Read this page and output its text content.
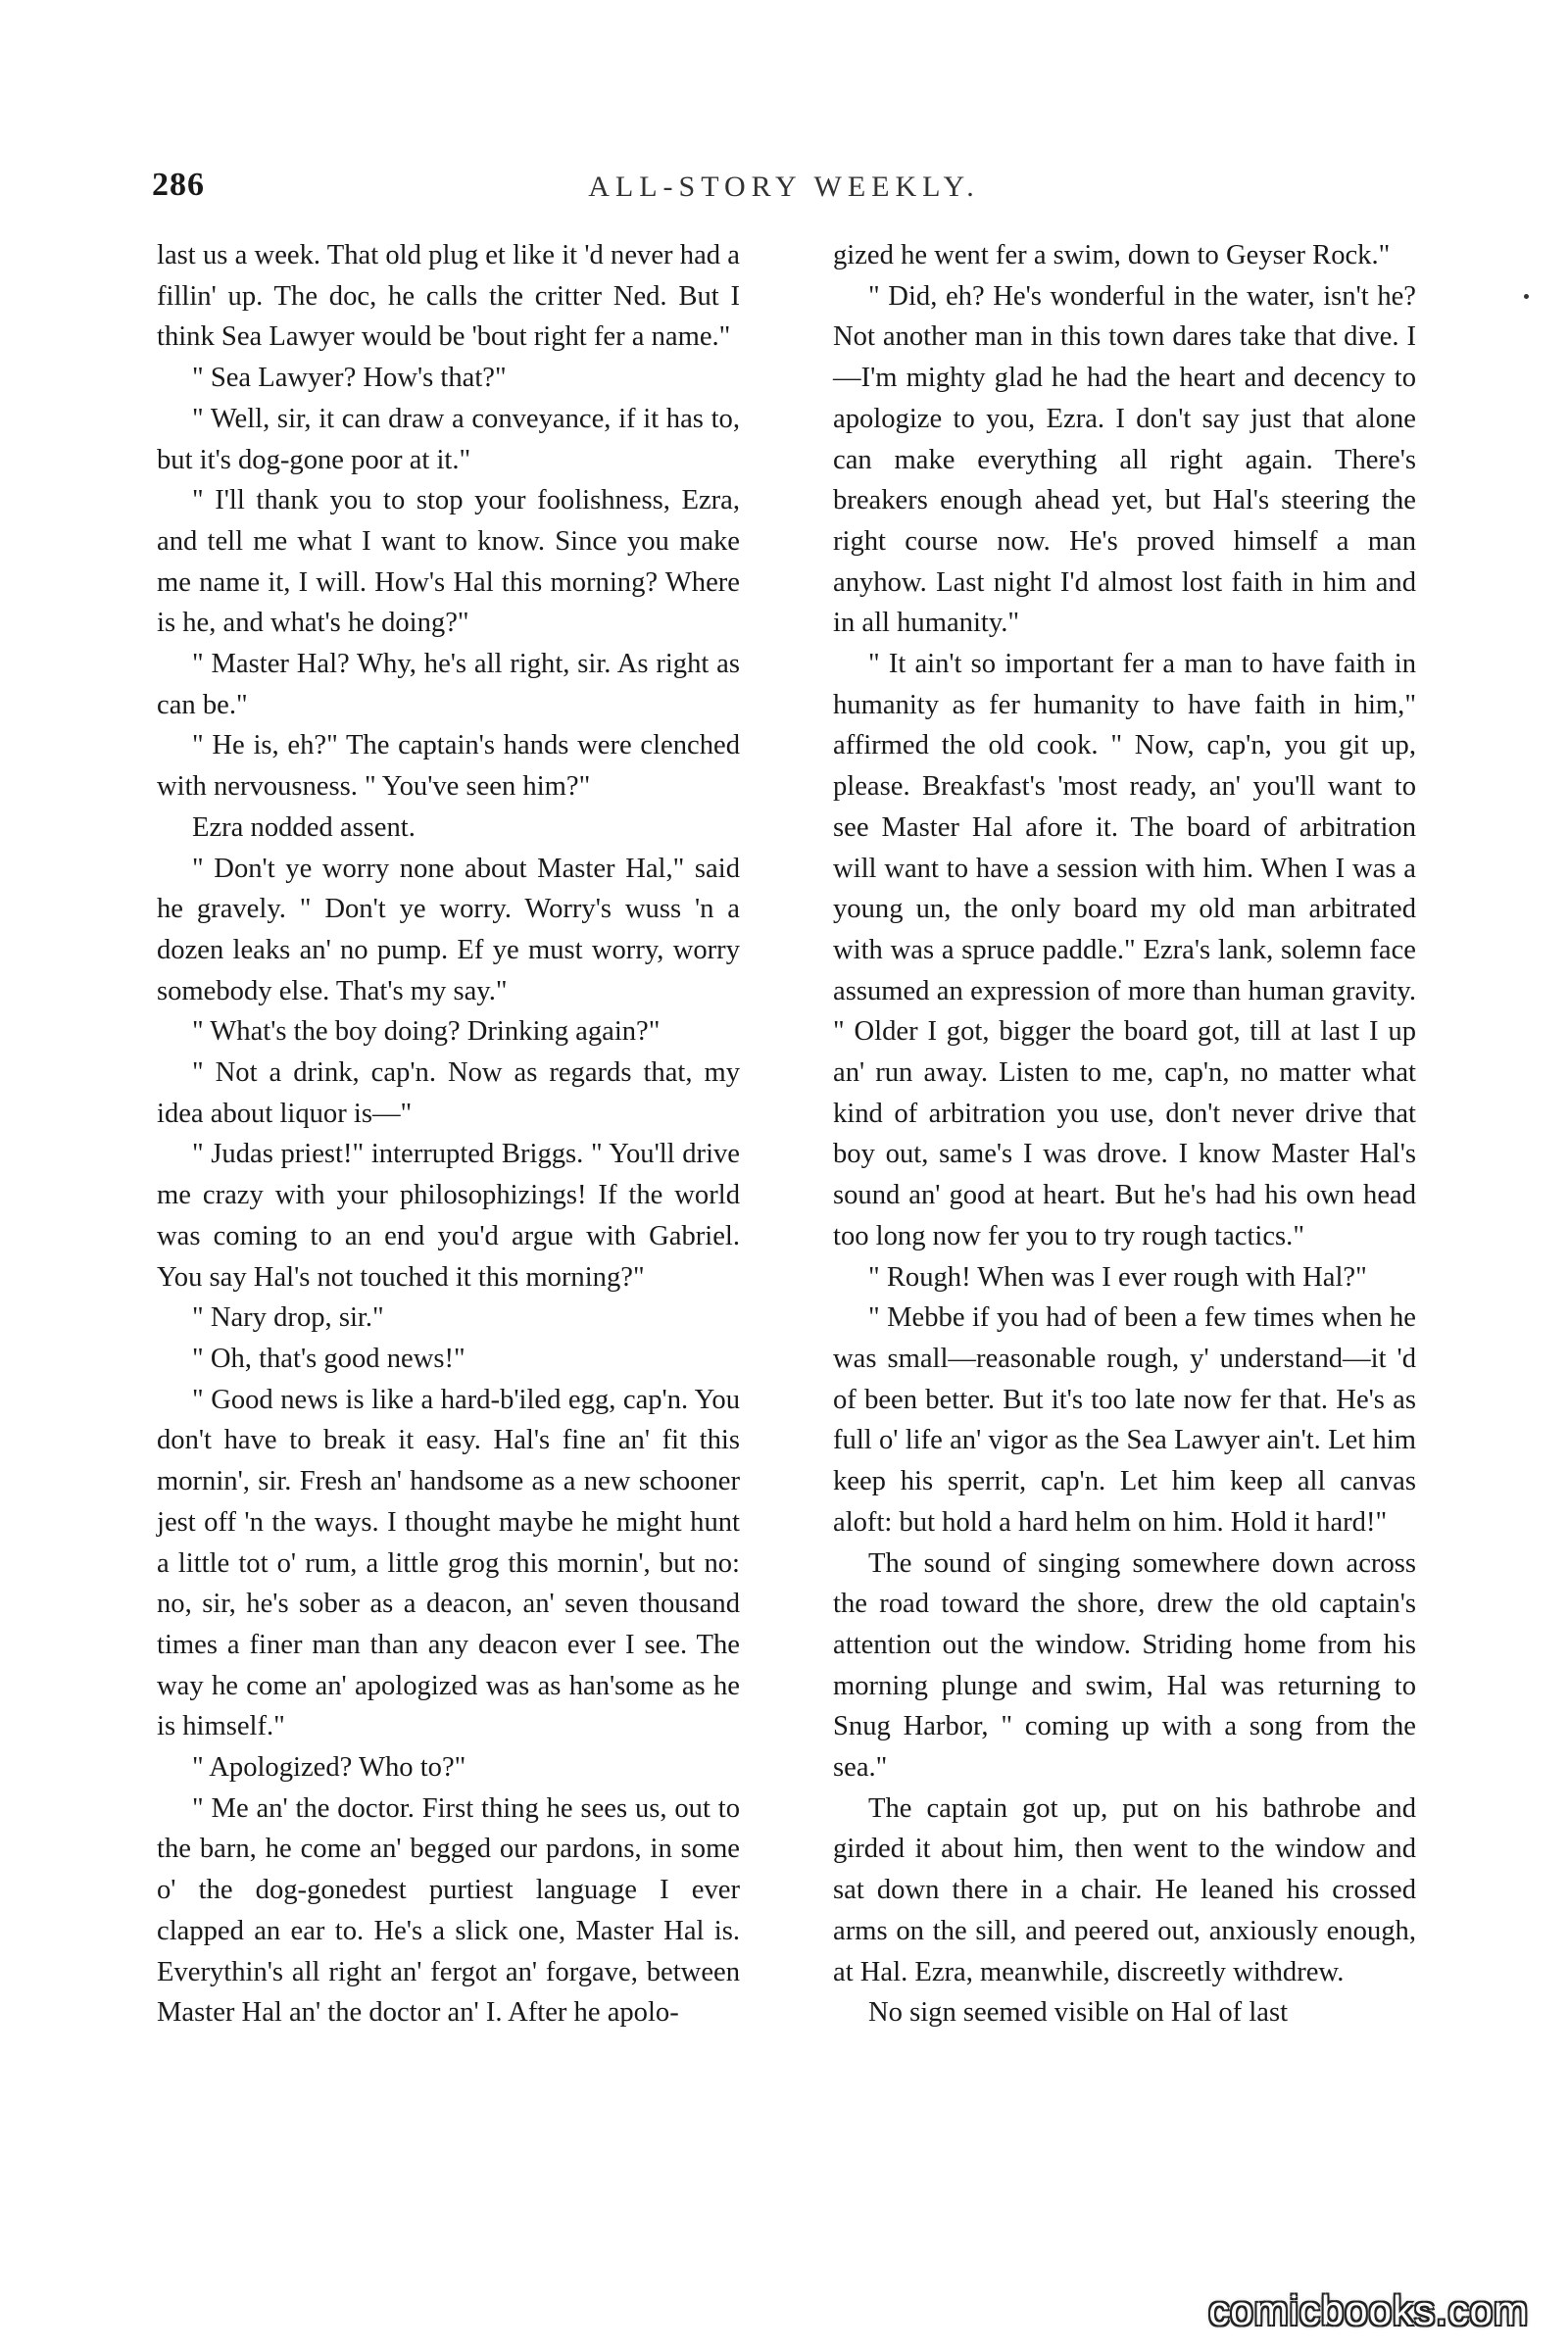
286	ALL-STORY WEEKLY.

last us a week. That old plug et like it 'd never had a fillin' up. The doc, he calls the critter Ned. But I think Sea Lawyer would be 'bout right fer a name."

" Sea Lawyer? How's that?"

" Well, sir, it can draw a conveyance, if it has to, but it's dog-gone poor at it."

" I'll thank you to stop your foolishness, Ezra, and tell me what I want to know. Since you make me name it, I will. How's Hal this morning? Where is he, and what's he doing?"

" Master Hal? Why, he's all right, sir. As right as can be."

" He is, eh?" The captain's hands were clenched with nervousness. " You've seen him?"

Ezra nodded assent.

" Don't ye worry none about Master Hal," said he gravely. " Don't ye worry. Worry's wuss 'n a dozen leaks an' no pump. Ef ye must worry, worry somebody else. That's my say."

" What's the boy doing? Drinking again?"

" Not a drink, cap'n. Now as regards that, my idea about liquor is—"

" Judas priest!" interrupted Briggs. " You'll drive me crazy with your philosophizings! If the world was coming to an end you'd argue with Gabriel. You say Hal's not touched it this morning?"

" Nary drop, sir."

" Oh, that's good news!"

" Good news is like a hard-b'iled egg, cap'n. You don't have to break it easy. Hal's fine an' fit this mornin', sir. Fresh an' handsome as a new schooner jest off 'n the ways. I thought maybe he might hunt a little tot o' rum, a little grog this mornin', but no: no, sir, he's sober as a deacon, an' seven thousand times a finer man than any deacon ever I see. The way he come an' apologized was as han'some as he is himself."

" Apologized? Who to?"

" Me an' the doctor. First thing he sees us, out to the barn, he come an' begged our pardons, in some o' the dog-gonedest purtiest language I ever clapped an ear to. He's a slick one, Master Hal is. Everythin's all right an' fergot an' forgave, between Master Hal an' the doctor an' I. After he apolo-

gized he went fer a swim, down to Geyser Rock."

" Did, eh? He's wonderful in the water, isn't he? Not another man in this town dares take that dive. I—I'm mighty glad he had the heart and decency to apologize to you, Ezra. I don't say just that alone can make everything all right again. There's breakers enough ahead yet, but Hal's steering the right course now. He's proved himself a man anyhow. Last night I'd almost lost faith in him and in all humanity."

" It ain't so important fer a man to have faith in humanity as fer humanity to have faith in him," affirmed the old cook. " Now, cap'n, you git up, please. Breakfast's 'most ready, an' you'll want to see Master Hal afore it. The board of arbitration will want to have a session with him. When I was a young un, the only board my old man arbitrated with was a spruce paddle." Ezra's lank, solemn face assumed an expression of more than human gravity. " Older I got, bigger the board got, till at last I up an' run away. Listen to me, cap'n, no matter what kind of arbitration you use, don't never drive that boy out, same's I was drove. I know Master Hal's sound an' good at heart. But he's had his own head too long now fer you to try rough tactics."

" Rough! When was I ever rough with Hal?"

" Mebbe if you had of been a few times when he was small—reasonable rough, y' understand—it 'd of been better. But it's too late now fer that. He's as full o' life an' vigor as the Sea Lawyer ain't. Let him keep his sperrit, cap'n. Let him keep all canvas aloft: but hold a hard helm on him. Hold it hard!"

The sound of singing somewhere down across the road toward the shore, drew the old captain's attention out the window. Striding home from his morning plunge and swim, Hal was returning to Snug Harbor, " coming up with a song from the sea."

The captain got up, put on his bathrobe and girded it about him, then went to the window and sat down there in a chair. He leaned his crossed arms on the sill, and peered out, anxiously enough, at Hal. Ezra, meanwhile, discreetly withdrew.

No sign seemed visible on Hal of last

comicbooks.com
